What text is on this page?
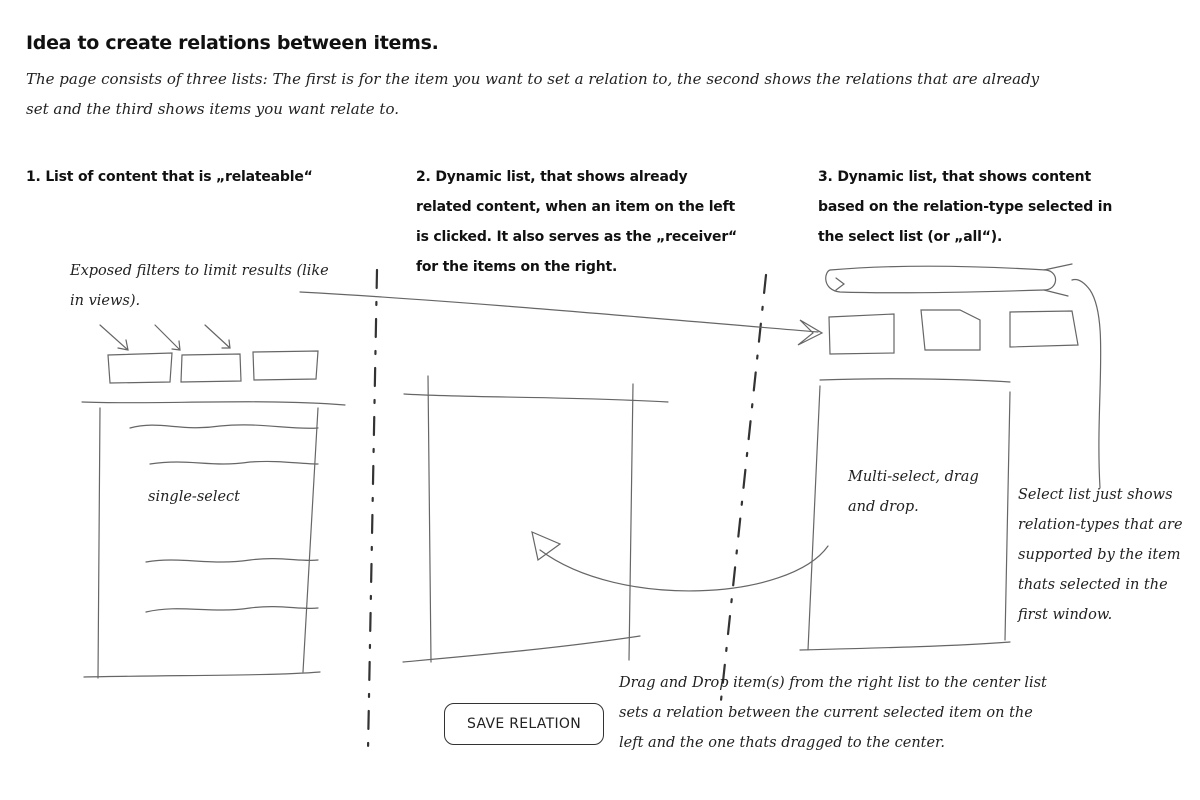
Idea to create relations between items.
The page consists of three lists: The first is for the item you want to set a relation to, the second shows the relations that are already set and the third shows items you want relate to.
1. List of content that is „relateable“	2. Dynamic list, that shows already related content, when an item on the left is clicked. It also serves as the „receiver“ for the items on the right.
3. Dynamic list, that shows content based on the relation-type selected in the select list (or „all“).
Exposed filters to limit results (like in views).
single-select
Multi-select, drag and drop.
Select list just shows relation-types that are supported by the item thats selected in the first window.
Drag and Drop item(s) from the right list to the center list sets a relation between the current selected item on the left and the one thats dragged to the center.
SAVE RELATION
